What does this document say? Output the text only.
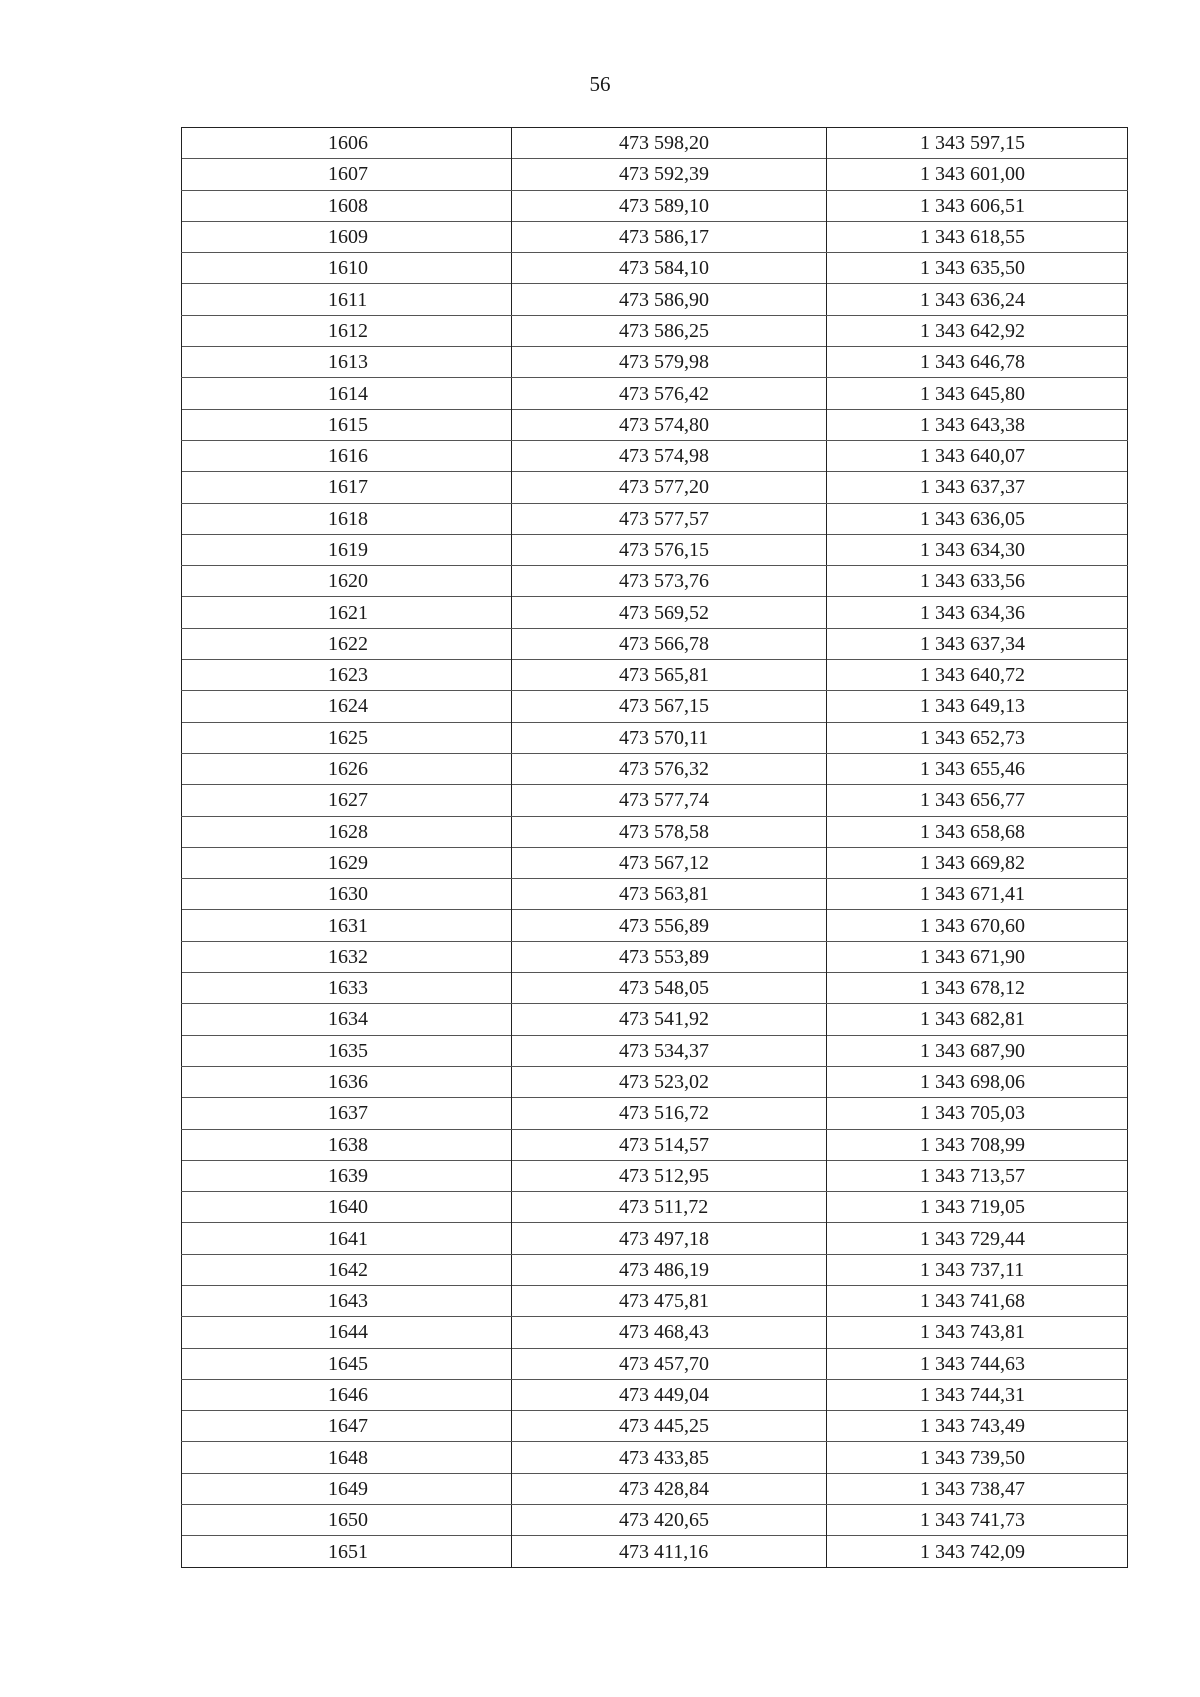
56
1606	473 598,20	1 343 597,15
1607	473 592,39	1 343 601,00
1608	473 589,10	1 343 606,51
1609	473 586,17	1 343 618,55
1610	473 584,10	1 343 635,50
1611	473 586,90	1 343 636,24
1612	473 586,25	1 343 642,92
1613	473 579,98	1 343 646,78
1614	473 576,42	1 343 645,80
1615	473 574,80	1 343 643,38
1616	473 574,98	1 343 640,07
1617	473 577,20	1 343 637,37
1618	473 577,57	1 343 636,05
1619	473 576,15	1 343 634,30
1620	473 573,76	1 343 633,56
1621	473 569,52	1 343 634,36
1622	473 566,78	1 343 637,34
1623	473 565,81	1 343 640,72
1624	473 567,15	1 343 649,13
1625	473 570,11	1 343 652,73
1626	473 576,32	1 343 655,46
1627	473 577,74	1 343 656,77
1628	473 578,58	1 343 658,68
1629	473 567,12	1 343 669,82
1630	473 563,81	1 343 671,41
1631	473 556,89	1 343 670,60
1632	473 553,89	1 343 671,90
1633	473 548,05	1 343 678,12
1634	473 541,92	1 343 682,81
1635	473 534,37	1 343 687,90
1636	473 523,02	1 343 698,06
1637	473 516,72	1 343 705,03
1638	473 514,57	1 343 708,99
1639	473 512,95	1 343 713,57
1640	473 511,72	1 343 719,05
1641	473 497,18	1 343 729,44
1642	473 486,19	1 343 737,11
1643	473 475,81	1 343 741,68
1644	473 468,43	1 343 743,81
1645	473 457,70	1 343 744,63
1646	473 449,04	1 343 744,31
1647	473 445,25	1 343 743,49
1648	473 433,85	1 343 739,50
1649	473 428,84	1 343 738,47
1650	473 420,65	1 343 741,73
1651	473 411,16	1 343 742,09
